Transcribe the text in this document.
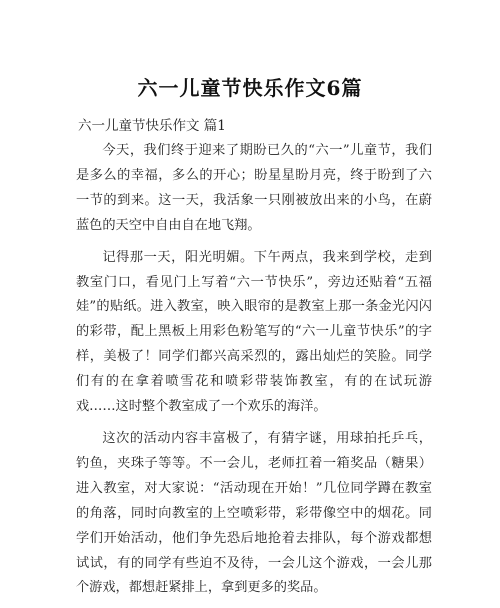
六一儿童节快乐作文6篇
六一儿童节快乐作文 篇1

今天，我们终于迎来了期盼已久的“六一”儿童节，我们是多么的幸福，多么的开心；盼星星盼月亮，终于盼到了六一节的到来。这一天，我活象一只刚被放出来的小鸟，在蔚蓝色的天空中自由自在地飞翔。

记得那一天，阳光明媚。下午两点，我来到学校，走到教室门口，看见门上写着“六一节快乐”，旁边还贴着“五福娃”的贴纸。进入教室，映入眼帘的是教室上那一条金光闪闪的彩带，配上黑板上用彩色粉笔写的“六一儿童节快乐”的字样，美极了！同学们都兴高采烈的，露出灿烂的笑脸。同学们有的在拿着喷雪花和喷彩带装饰教室，有的在试玩游戏……这时整个教室成了一个欢乐的海洋。

这次的活动内容丰富极了，有猜字谜，用球拍托乒乓，钓鱼，夹珠子等等。不一会儿，老师扛着一箱奖品（糖果）进入教室，对大家说：“活动现在开始！”几位同学蹲在教室的角落，同时向教室的上空喷彩带，彩带像空中的烟花。同学们开始活动，他们争先恐后地抢着去排队，每个游戏都想试试，有的同学有些迫不及待，一会儿这个游戏，一会儿那个游戏，都想赶紧排上，拿到更多的奖品。
